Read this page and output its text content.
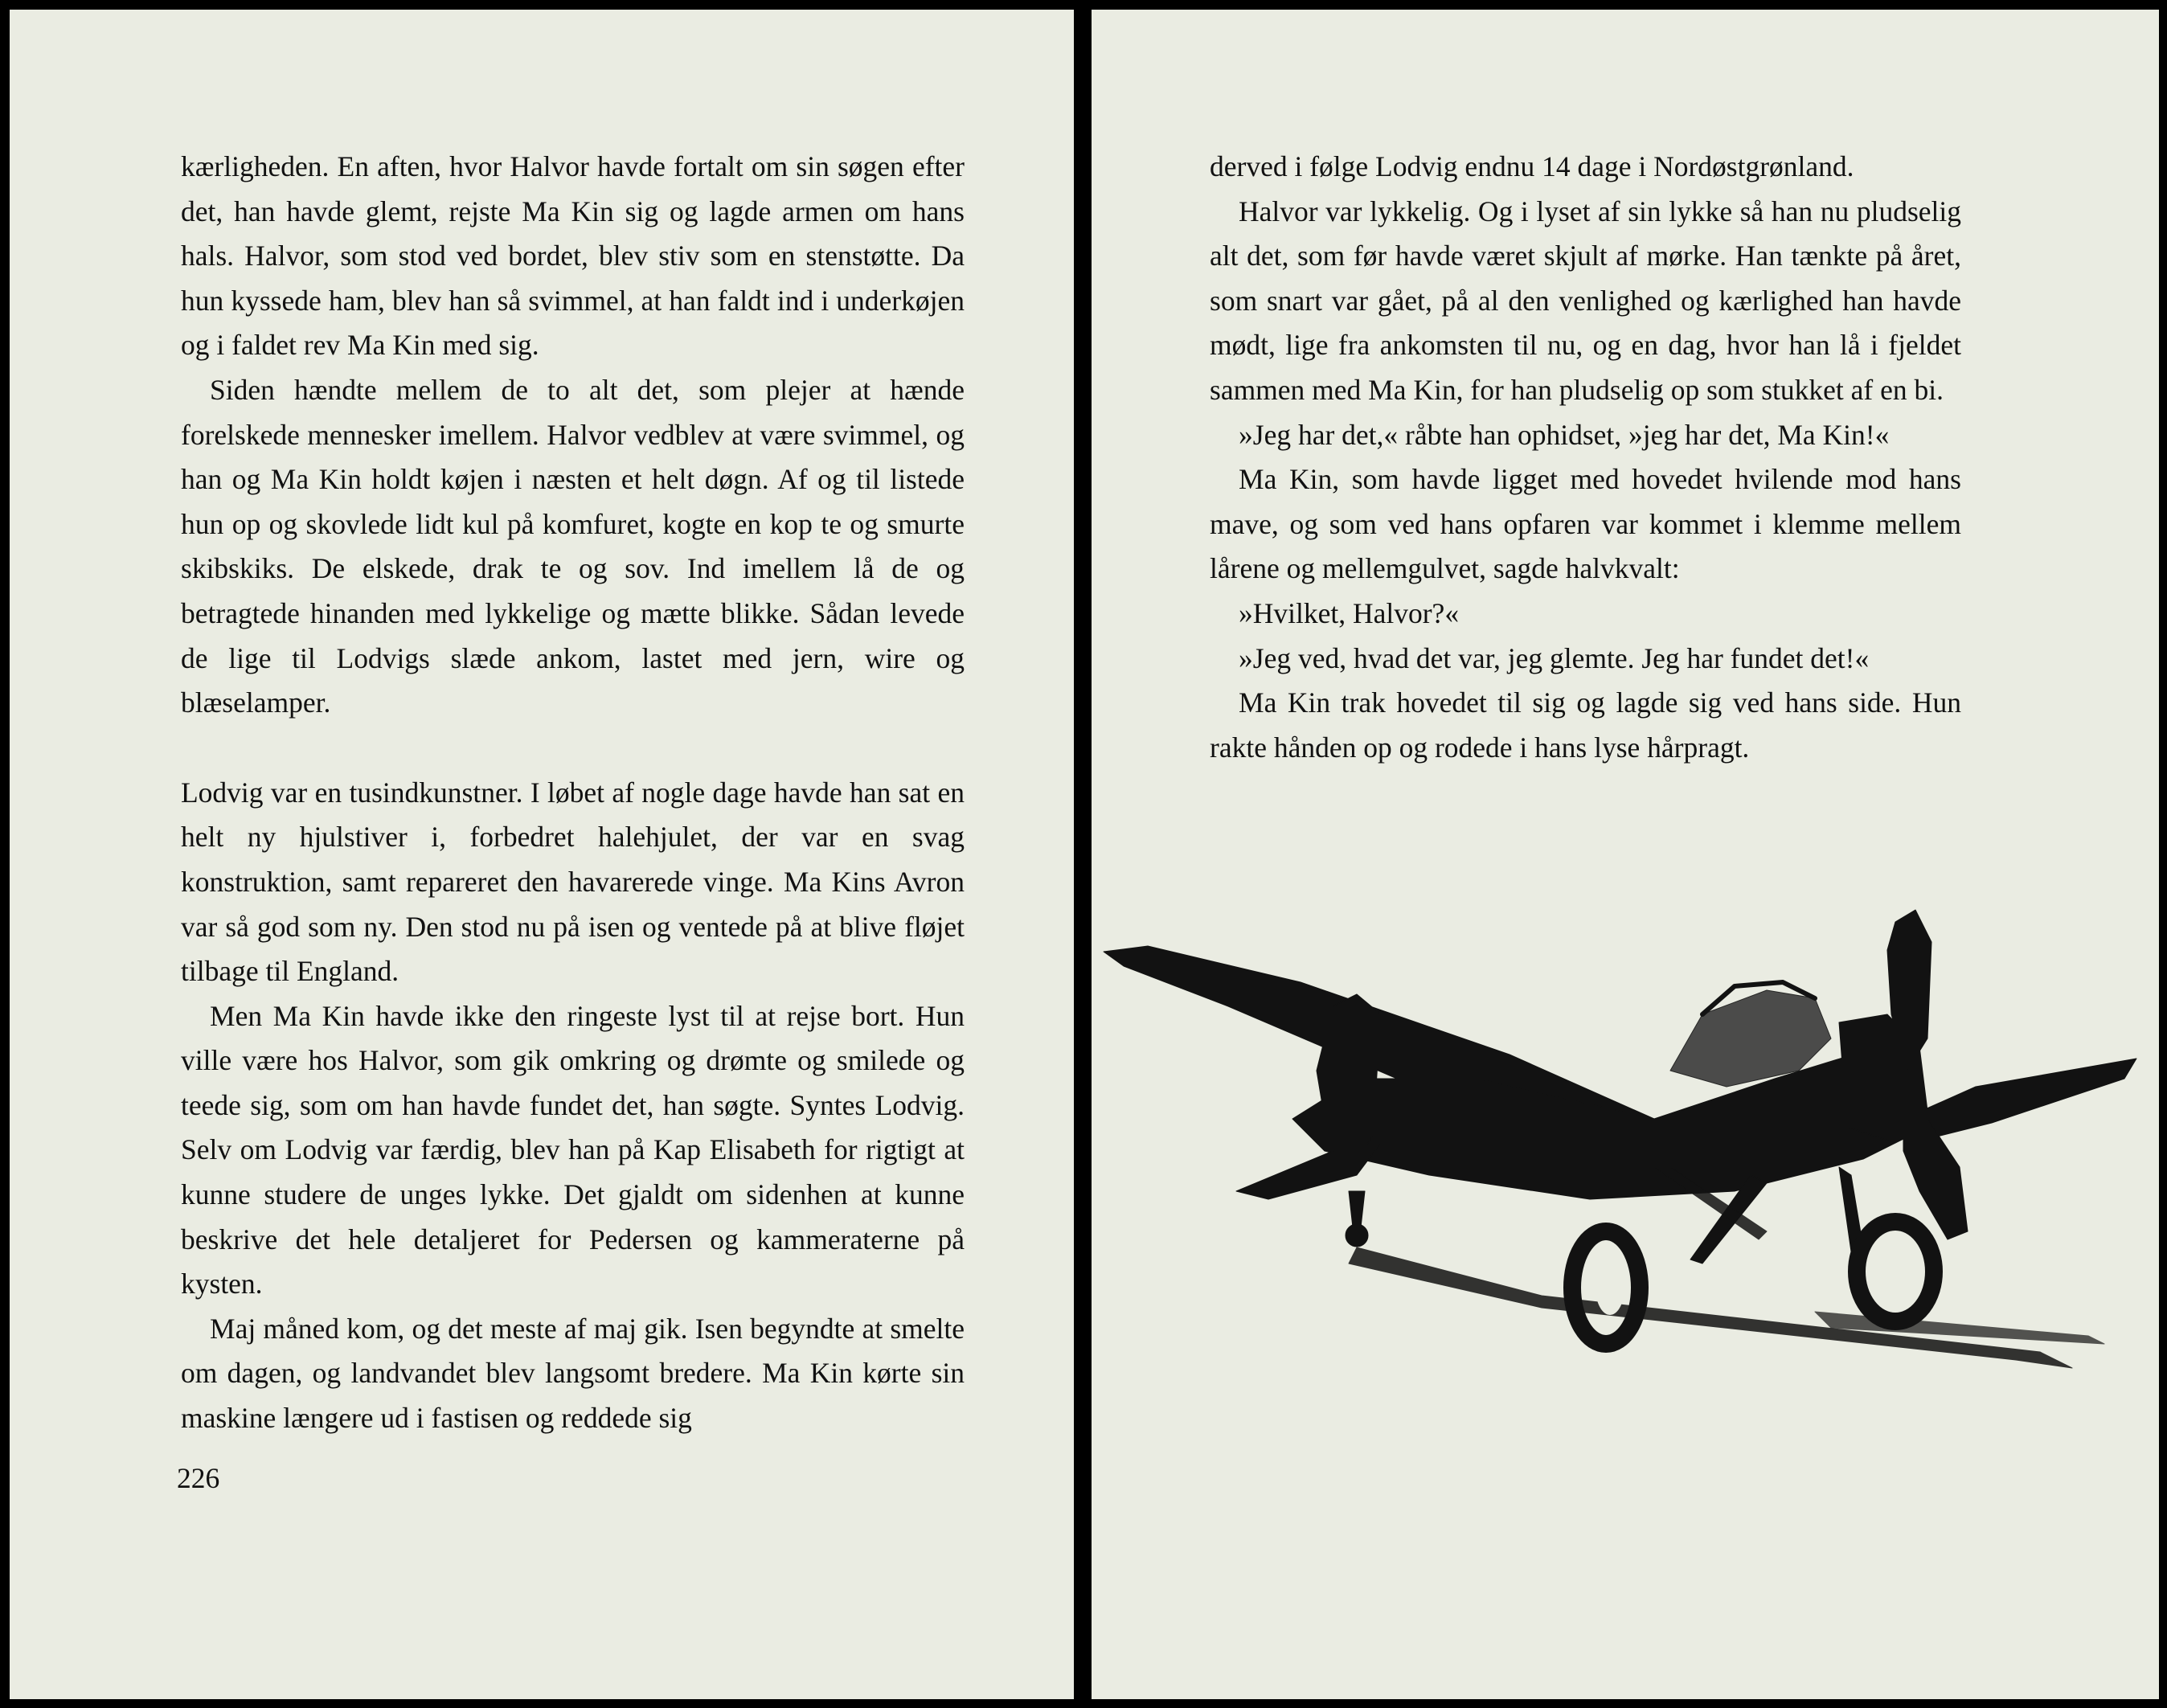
kærligheden. En aften, hvor Halvor havde fortalt om sin søgen efter det, han havde glemt, rejste Ma Kin sig og lagde armen om hans hals. Halvor, som stod ved bordet, blev stiv som en stenstøtte. Da hun kyssede ham, blev han så svimmel, at han faldt ind i underkøjen og i faldet rev Ma Kin med sig.

Siden hændte mellem de to alt det, som plejer at hænde forelskede mennesker imellem. Halvor vedblev at være svimmel, og han og Ma Kin holdt køjen i næsten et helt døgn. Af og til listede hun op og skovlede lidt kul på komfuret, kogte en kop te og smurte skibskiks. De elskede, drak te og sov. Ind imellem lå de og betragtede hinanden med lykkelige og mætte blikke. Sådan levede de lige til Lodvigs slæde ankom, lastet med jern, wire og blæselamper.

Lodvig var en tusindkunstner. I løbet af nogle dage havde han sat en helt ny hjulstiver i, forbedret halehjulet, der var en svag konstruktion, samt repareret den havarerede vinge. Ma Kins Avron var så god som ny. Den stod nu på isen og ventede på at blive fløjet tilbage til England.

Men Ma Kin havde ikke den ringeste lyst til at rejse bort. Hun ville være hos Halvor, som gik omkring og drømte og smilede og teede sig, som om han havde fundet det, han søgte. Syntes Lodvig. Selv om Lodvig var færdig, blev han på Kap Elisabeth for rigtigt at kunne studere de unges lykke. Det gjaldt om sidenhen at kunne beskrive det hele detaljeret for Pedersen og kammeraterne på kysten.

Maj måned kom, og det meste af maj gik. Isen begyndte at smelte om dagen, og landvandet blev langsomt bredere. Ma Kin kørte sin maskine længere ud i fastisen og reddede sig

226

derved i følge Lodvig endnu 14 dage i Nordøstgrønland.

Halvor var lykkelig. Og i lyset af sin lykke så han nu pludselig alt det, som før havde været skjult af mørke. Han tænkte på året, som snart var gået, på al den venlighed og kærlighed han havde mødt, lige fra ankomsten til nu, og en dag, hvor han lå i fjeldet sammen med Ma Kin, for han pludselig op som stukket af en bi.

»Jeg har det,« råbte han ophidset, »jeg har det, Ma Kin!«

Ma Kin, som havde ligget med hovedet hvilende mod hans mave, og som ved hans opfaren var kommet i klemme mellem lårene og mellemgulvet, sagde halvkvalt:

»Hvilket, Halvor?«

»Jeg ved, hvad det var, jeg glemte. Jeg har fundet det!«

Ma Kin trak hovedet til sig og lagde sig ved hans side. Hun rakte hånden op og rodede i hans lyse hårpragt.
